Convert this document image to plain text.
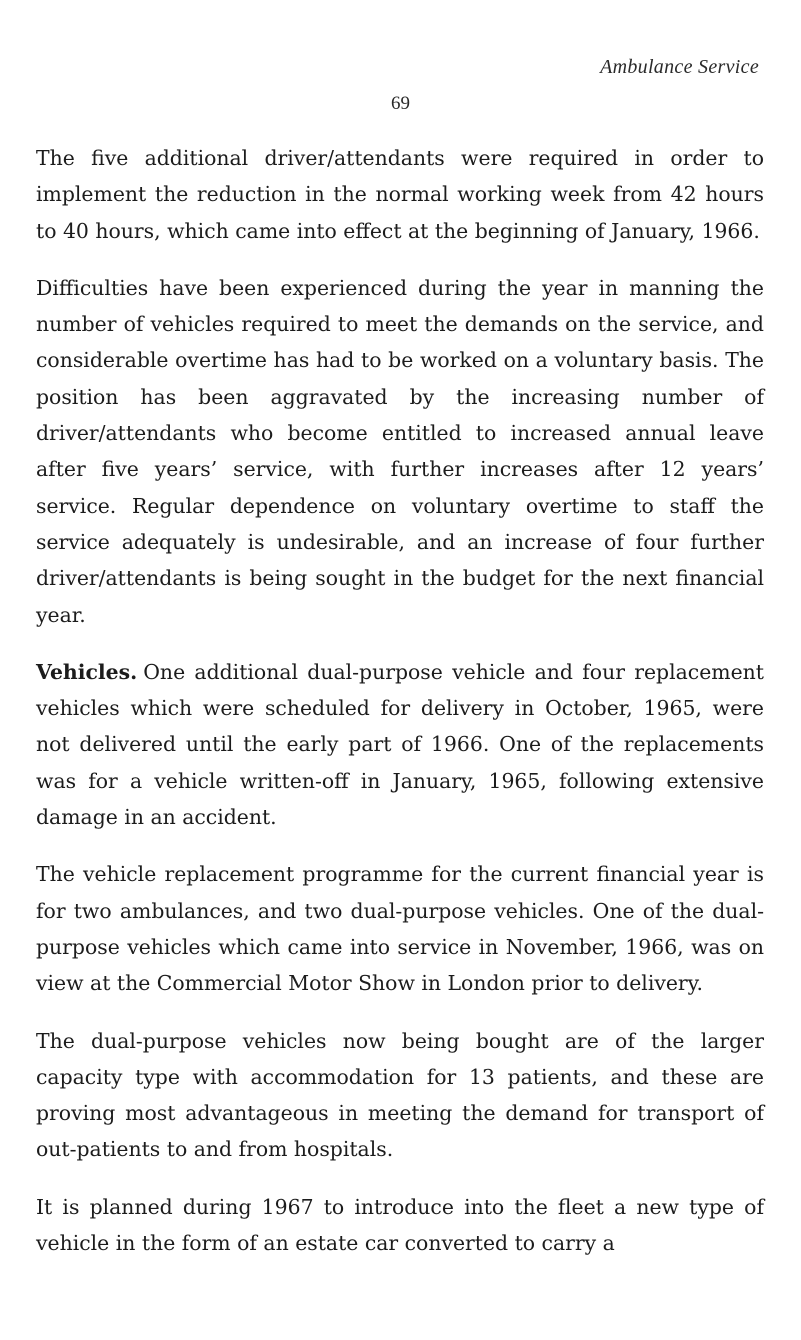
Ambulance Service
69

The five additional driver/attendants were required in order to implement the reduction in the normal working week from 42 hours to 40 hours, which came into effect at the beginning of January, 1966.

Difficulties have been experienced during the year in manning the number of vehicles required to meet the demands on the service, and considerable overtime has had to be worked on a voluntary basis. The position has been aggravated by the increasing number of driver/attendants who become entitled to increased annual leave after five years’ service, with further increases after 12 years’ service. Regular dependence on voluntary overtime to staff the service adequately is undesirable, and an increase of four further driver/attendants is being sought in the budget for the next financial year.

Vehicles. One additional dual-purpose vehicle and four replacement vehicles which were scheduled for delivery in October, 1965, were not delivered until the early part of 1966. One of the replacements was for a vehicle written-off in January, 1965, following extensive damage in an accident.

The vehicle replacement programme for the current financial year is for two ambulances, and two dual-purpose vehicles. One of the dual-purpose vehicles which came into service in November, 1966, was on view at the Commercial Motor Show in London prior to delivery.

The dual-purpose vehicles now being bought are of the larger capacity type with accommodation for 13 patients, and these are proving most advantageous in meeting the demand for transport of out-patients to and from hospitals.

It is planned during 1967 to introduce into the fleet a new type of vehicle in the form of an estate car converted to carry a
